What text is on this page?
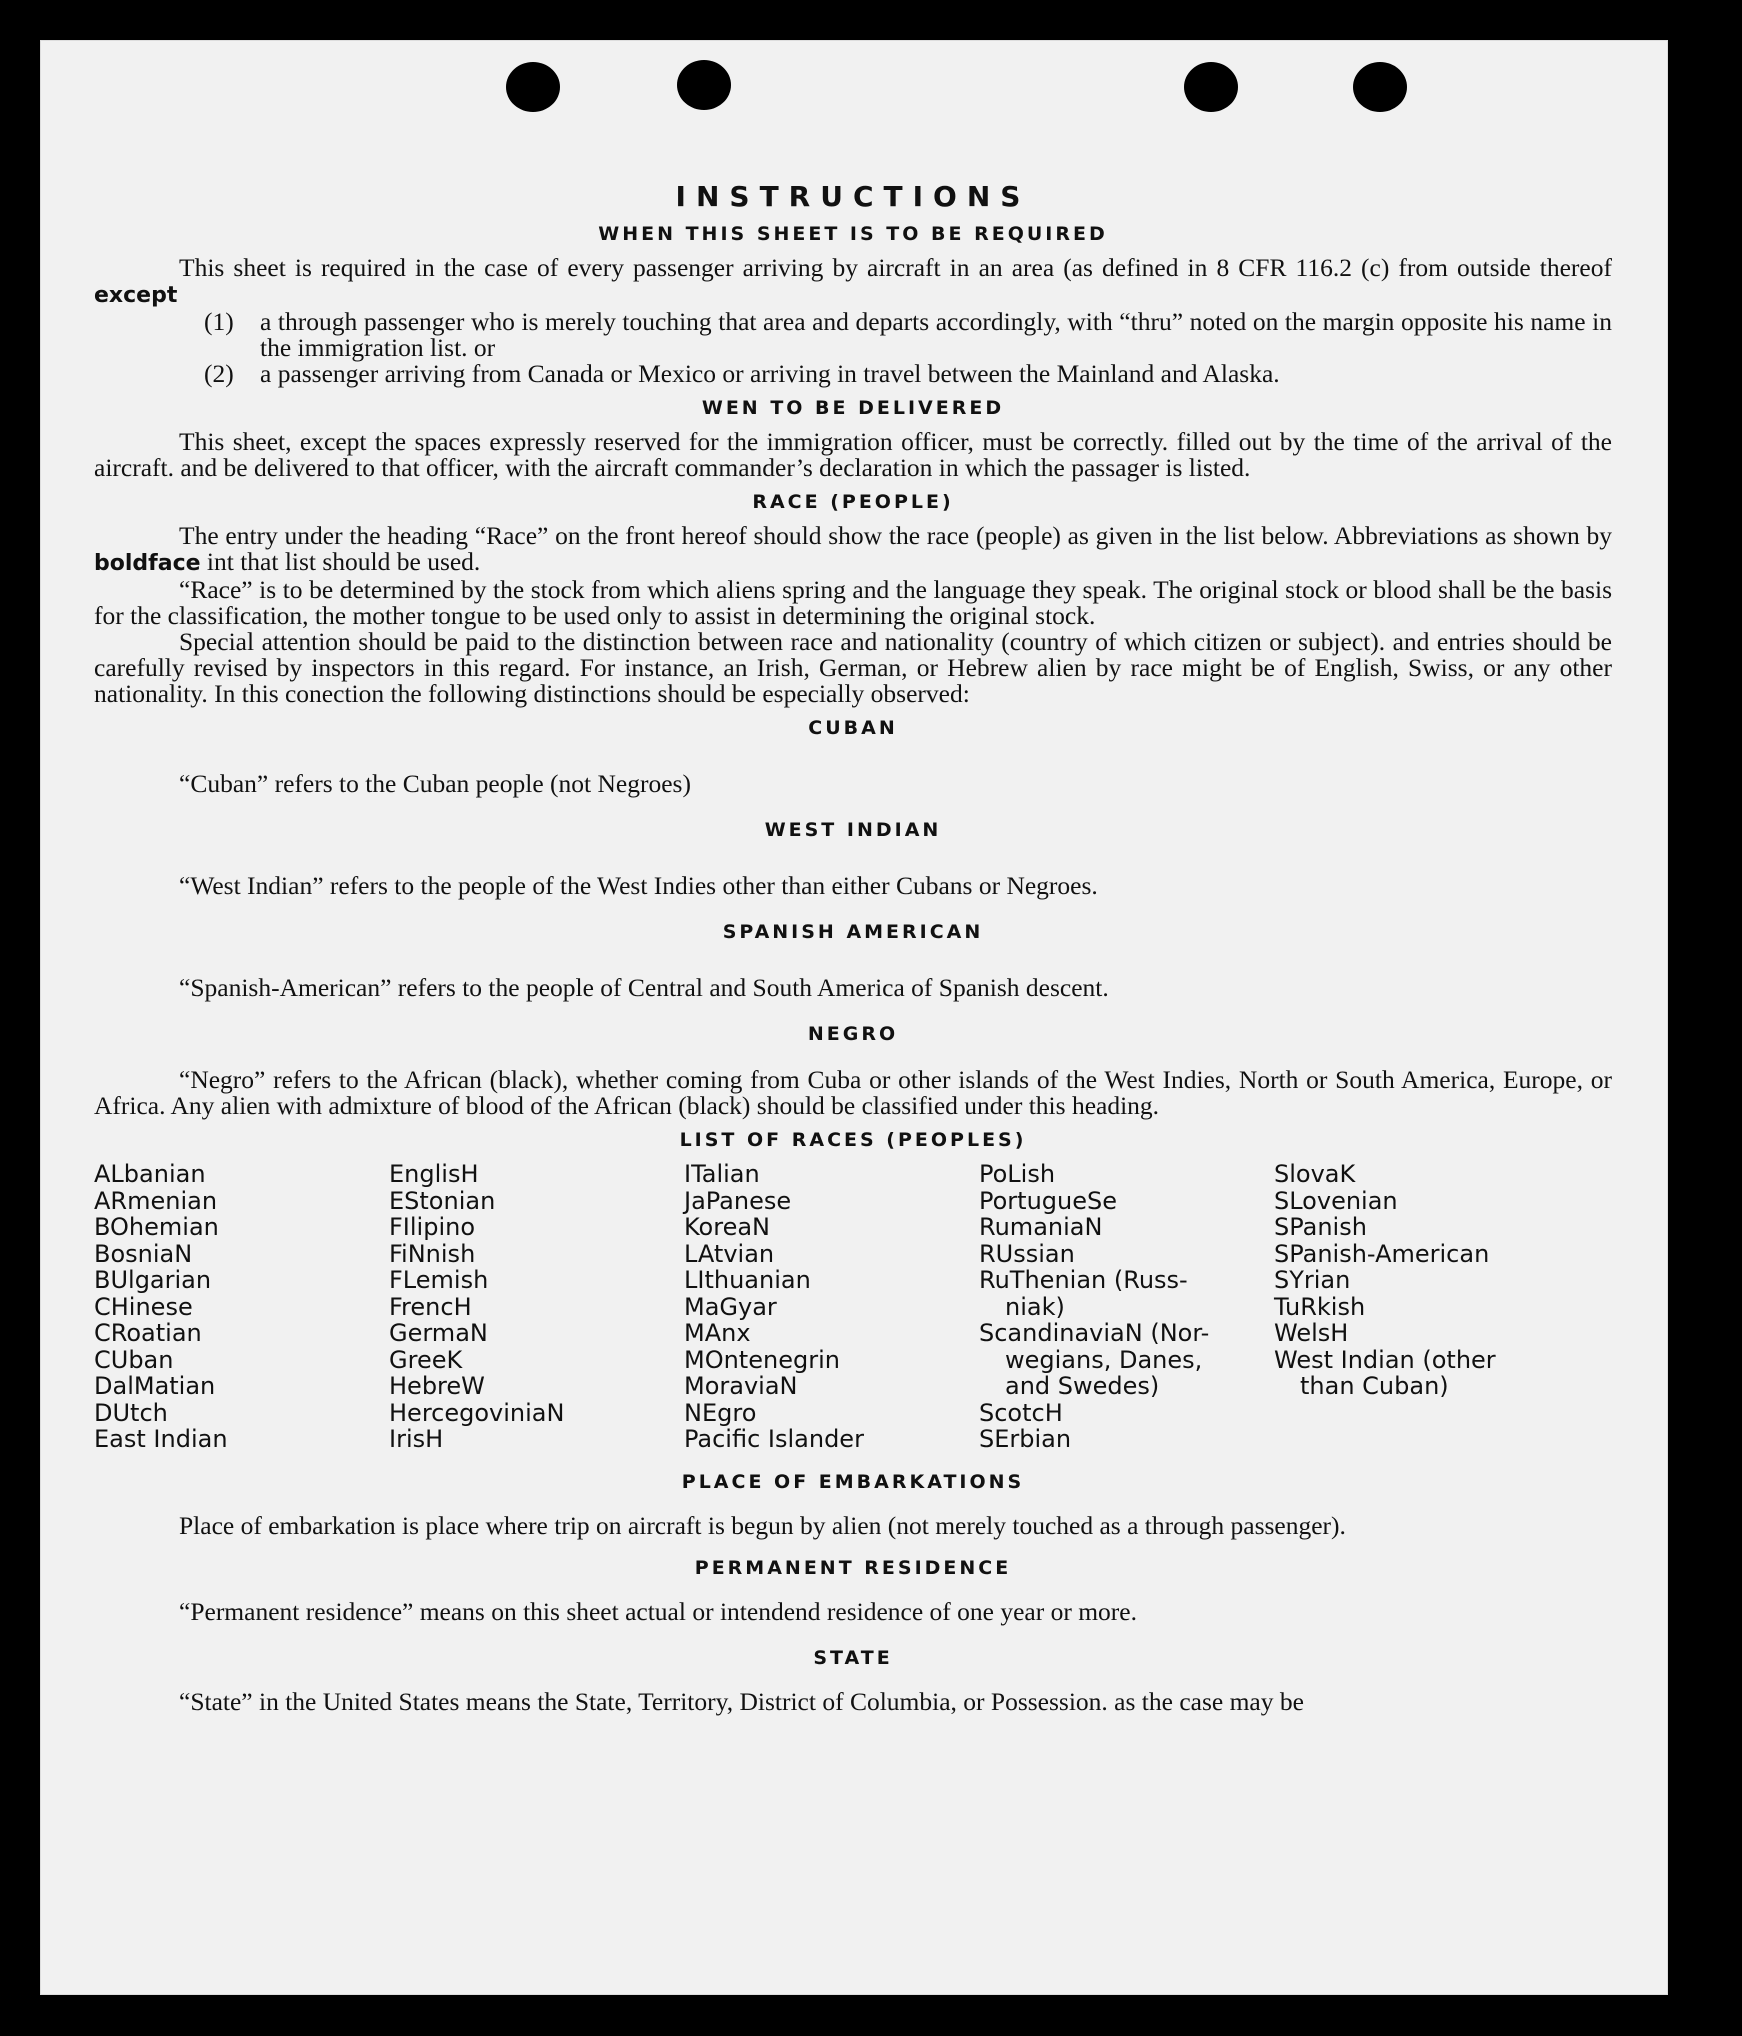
INSTRUCTIONS
WHEN THIS SHEET IS TO BE REQUIRED

This sheet is required in the case of every passenger arriving by aircraft in an area (as defined in 8 CFR 116.2 (c) from outside thereof except

(1)	a through passenger who is merely touching that area and departs accordingly, with “thru” noted on the margin opposite his name in the immigration list. or
(2)	a passenger arriving from Canada or Mexico or arriving in travel between the Mainland and Alaska.
WEN TO BE DELIVERED

This sheet, except the spaces expressly reserved for the immigration officer, must be correctly. filled out by the time of the arrival of the aircraft. and be delivered to that officer, with the aircraft commander’s declaration in which the passager is listed.

RACE (PEOPLE)

The entry under the heading “Race” on the front hereof should show the race (people) as given in the list below. Abbreviations as shown by boldface int that list should be used.

“Race” is to be determined by the stock from which aliens spring and the language they speak. The original stock or blood shall be the basis for the classification, the mother tongue to be used only to assist in determining the original stock.

Special attention should be paid to the distinction between race and nationality (country of which citizen or subject). and entries should be carefully revised by inspectors in this regard. For instance, an Irish, German, or Hebrew alien by race might be of English, Swiss, or any other nationality. In this conection the following distinctions should be especially observed:

CUBAN

“Cuban” refers to the Cuban people (not Negroes)

WEST INDIAN

“West Indian” refers to the people of the West Indies other than either Cubans or Negroes.

SPANISH AMERICAN

“Spanish-American” refers to the people of Central and South America of Spanish descent.

NEGRO

“Negro” refers to the African (black), whether coming from Cuba or other islands of the West Indies, North or South America, Europe, or Africa. Any alien with admixture of blood of the African (black) should be classified under this heading.

LIST OF RACES (PEOPLES)
ALbanian
ARmenian
BOhemian
BosniaN
BUlgarian
CHinese
CRoatian
CUban
DalMatian
DUtch
East Indian
EnglisH
EStonian
FIlipino
FiNnish
FLemish
FrencH
GermaN
GreeK
HebreW
HercegoviniaN
IrisH
ITalian
JaPanese
KoreaN
LAtvian
LIthuanian
MaGyar
MAnx
MOntenegrin
MoraviaN
NEgro
Pacific Islander
PoLish
PortugueSe
RumaniaN
RUssian
RuThenian (Russ-
niak)
ScandinaviaN (Nor-
wegians, Danes,
and Swedes)
ScotcH
SErbian
SlovaK
SLovenian
SPanish
SPanish-American
SYrian
TuRkish
WelsH
West Indian (other
than Cuban)
PLACE OF EMBARKATIONS

Place of embarkation is place where trip on aircraft is begun by alien (not merely touched as a through passenger).

PERMANENT RESIDENCE

“Permanent residence” means on this sheet actual or intendend residence of one year or more.

STATE

“State” in the United States means the State, Territory, District of Columbia, or Possession. as the case may be
